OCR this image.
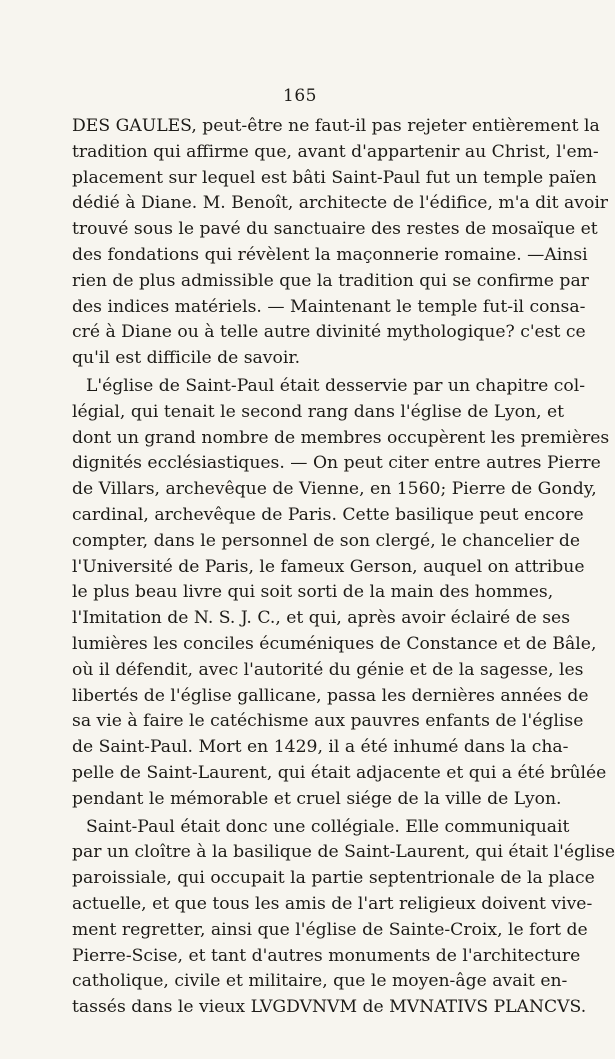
165
DES GAULES, peut-être ne faut-il pas rejeter entièrement la
tradition qui affirme que, avant d'appartenir au Christ, l'em-
placement sur lequel est bâti Saint-Paul fut un temple païen
dédié à Diane. M. Benoît, architecte de l'édifice, m'a dit avoir
trouvé sous le pavé du sanctuaire des restes de mosaïque et
des fondations qui révèlent la maçonnerie romaine. —Ainsi
rien de plus admissible que la tradition qui se confirme par
des indices matériels. — Maintenant le temple fut-il consa-
cré à Diane ou à telle autre divinité mythologique? c'est ce
qu'il est difficile de savoir.
L'église de Saint-Paul était desservie par un chapitre col-
légial, qui tenait le second rang dans l'église de Lyon, et
dont un grand nombre de membres occupèrent les premières
dignités ecclésiastiques. — On peut citer entre autres Pierre
de Villars, archevêque de Vienne, en 1560; Pierre de Gondy,
cardinal, archevêque de Paris. Cette basilique peut encore
compter, dans le personnel de son clergé, le chancelier de
l'Université de Paris, le fameux Gerson, auquel on attribue
le plus beau livre qui soit sorti de la main des hommes,
l'Imitation de N. S. J. C., et qui, après avoir éclairé de ses
lumières les conciles écuméniques de Constance et de Bâle,
où il défendit, avec l'autorité du génie et de la sagesse, les
libertés de l'église gallicane, passa les dernières années de
sa vie à faire le catéchisme aux pauvres enfants de l'église
de Saint-Paul. Mort en 1429, il a été inhumé dans la cha-
pelle de Saint-Laurent, qui était adjacente et qui a été brûlée
pendant le mémorable et cruel siége de la ville de Lyon.
Saint-Paul était donc une collégiale. Elle communiquait
par un cloître à la basilique de Saint-Laurent, qui était l'église
paroissiale, qui occupait la partie septentrionale de la place
actuelle, et que tous les amis de l'art religieux doivent vive-
ment regretter, ainsi que l'église de Sainte-Croix, le fort de
Pierre-Scise, et tant d'autres monuments de l'architecture
catholique, civile et militaire, que le moyen-âge avait en-
tassés dans le vieux LVGDVNVM de MVNATIVS PLANCVS.
